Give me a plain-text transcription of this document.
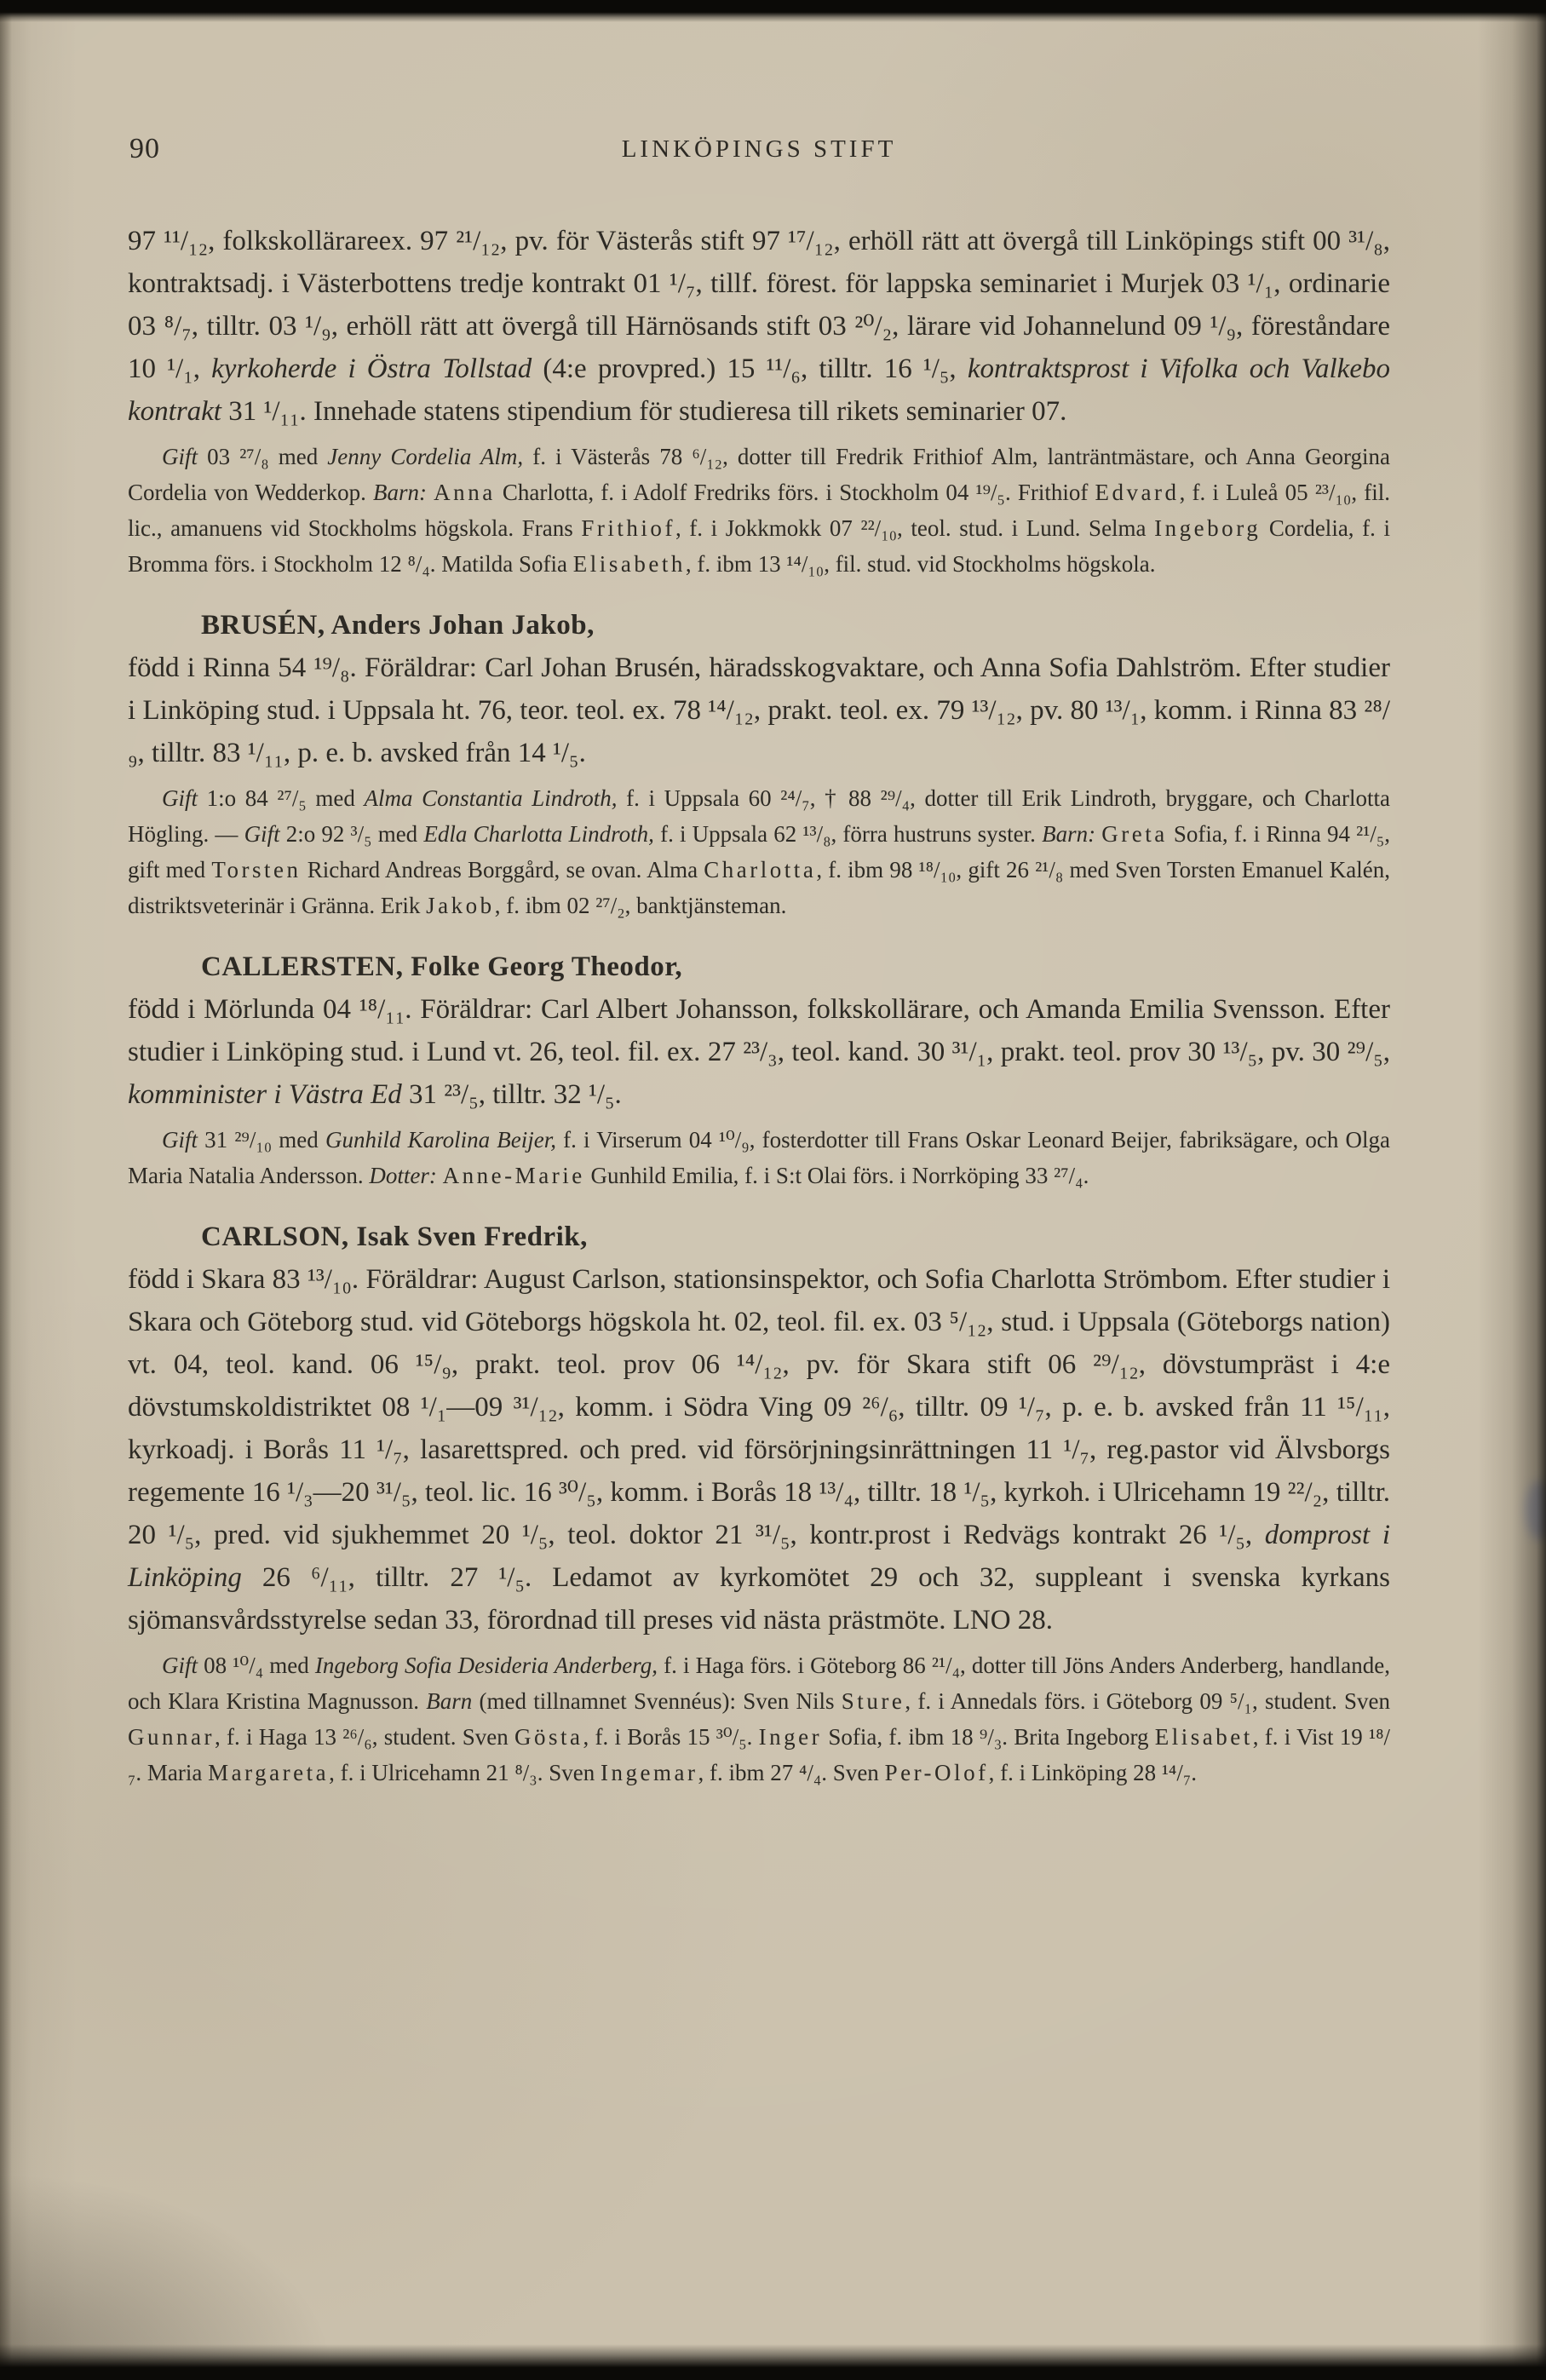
90	LINKÖPINGS STIFT
97 ¹¹/₁₂, folkskollärareex. 97 ²¹/₁₂, pv. för Västerås stift 97 ¹⁷/₁₂, erhöll rätt att övergå till Linköpings stift 00 ³¹/₈, kontraktsadj. i Västerbottens tredje kontrakt 01 ¹/₇, tillf. förest. för lappska seminariet i Murjek 03 ¹/₁, ordinarie 03 ⁸/₇, tilltr. 03 ¹/₉, erhöll rätt att övergå till Härnösands stift 03 ²⁰/₂, lärare vid Johannelund 09 ¹/₉, föreståndare 10 ¹/₁, kyrkoherde i Östra Tollstad (4:e provpred.) 15 ¹¹/₆, tilltr. 16 ¹/₅, kontraktsprost i Vifolka och Valkebo kontrakt 31 ¹/₁₁. Innehade statens stipendium för studieresa till rikets seminarier 07.
Gift 03 ²⁷/₈ med Jenny Cordelia Alm, f. i Västerås 78 ⁶/₁₂, dotter till Fredrik Frithiof Alm, lanträntmästare, och Anna Georgina Cordelia von Wedderkop. Barn: Anna Charlotta, f. i Adolf Fredriks förs. i Stockholm 04 ¹⁹/₅. Frithiof Edvard, f. i Luleå 05 ²³/₁₀, fil. lic., amanuens vid Stockholms högskola. Frans Frithiof, f. i Jokkmokk 07 ²²/₁₀, teol. stud. i Lund. Selma Ingeborg Cordelia, f. i Bromma förs. i Stockholm 12 ⁸/₄. Matilda Sofia Elisabeth, f. ibm 13 ¹⁴/₁₀, fil. stud. vid Stockholms högskola.
BRUSÉN, Anders Johan Jakob,
född i Rinna 54 ¹⁹/₈. Föräldrar: Carl Johan Brusén, häradsskogvaktare, och Anna Sofia Dahlström. Efter studier i Linköping stud. i Uppsala ht. 76, teor. teol. ex. 78 ¹⁴/₁₂, prakt. teol. ex. 79 ¹³/₁₂, pv. 80 ¹³/₁, komm. i Rinna 83 ²⁸/₉, tilltr. 83 ¹/₁₁, p. e. b. avsked från 14 ¹/₅.
Gift 1:o 84 ²⁷/₅ med Alma Constantia Lindroth, f. i Uppsala 60 ²⁴/₇, † 88 ²⁹/₄, dotter till Erik Lindroth, bryggare, och Charlotta Högling. — Gift 2:o 92 ³/₅ med Edla Charlotta Lindroth, f. i Uppsala 62 ¹³/₈, förra hustruns syster. Barn: Greta Sofia, f. i Rinna 94 ²¹/₅, gift med Torsten Richard Andreas Borggård, se ovan. Alma Charlotta, f. ibm 98 ¹⁸/₁₀, gift 26 ²¹/₈ med Sven Torsten Emanuel Kalén, distriktsveterinär i Gränna. Erik Jakob, f. ibm 02 ²⁷/₂, banktjänsteman.
CALLERSTEN, Folke Georg Theodor,
född i Mörlunda 04 ¹⁸/₁₁. Föräldrar: Carl Albert Johansson, folkskollärare, och Amanda Emilia Svensson. Efter studier i Linköping stud. i Lund vt. 26, teol. fil. ex. 27 ²³/₃, teol. kand. 30 ³¹/₁, prakt. teol. prov 30 ¹³/₅, pv. 30 ²⁹/₅, komminister i Västra Ed 31 ²³/₅, tilltr. 32 ¹/₅.
Gift 31 ²⁹/₁₀ med Gunhild Karolina Beijer, f. i Virserum 04 ¹⁰/₉, fosterdotter till Frans Oskar Leonard Beijer, fabriksägare, och Olga Maria Natalia Andersson. Dotter: Anne-Marie Gunhild Emilia, f. i S:t Olai förs. i Norrköping 33 ²⁷/₄.
CARLSON, Isak Sven Fredrik,
född i Skara 83 ¹³/₁₀. Föräldrar: August Carlson, stationsinspektor, och Sofia Charlotta Strömbom. Efter studier i Skara och Göteborg stud. vid Göteborgs högskola ht. 02, teol. fil. ex. 03 ⁵/₁₂, stud. i Uppsala (Göteborgs nation) vt. 04, teol. kand. 06 ¹⁵/₉, prakt. teol. prov 06 ¹⁴/₁₂, pv. för Skara stift 06 ²⁹/₁₂, dövstumpräst i 4:e dövstumskoldistriktet 08 ¹/₁—09 ³¹/₁₂, komm. i Södra Ving 09 ²⁶/₆, tilltr. 09 ¹/₇, p. e. b. avsked från 11 ¹⁵/₁₁, kyrkoadj. i Borås 11 ¹/₇, lasarettspred. och pred. vid försörjningsinrättningen 11 ¹/₇, reg.pastor vid Älvsborgs regemente 16 ¹/₃—20 ³¹/₅, teol. lic. 16 ³⁰/₅, komm. i Borås 18 ¹³/₄, tilltr. 18 ¹/₅, kyrkoh. i Ulricehamn 19 ²²/₂, tilltr. 20 ¹/₅, pred. vid sjukhemmet 20 ¹/₅, teol. doktor 21 ³¹/₅, kontr.prost i Redvägs kontrakt 26 ¹/₅, domprost i Linköping 26 ⁶/₁₁, tilltr. 27 ¹/₅. Ledamot av kyrkomötet 29 och 32, suppleant i svenska kyrkans sjömansvårdsstyrelse sedan 33, förordnad till preses vid nästa prästmöte. LNO 28.
Gift 08 ¹⁰/₄ med Ingeborg Sofia Desideria Anderberg, f. i Haga förs. i Göteborg 86 ²¹/₄, dotter till Jöns Anders Anderberg, handlande, och Klara Kristina Magnusson. Barn (med tillnamnet Svennéus): Sven Nils Sture, f. i Annedals förs. i Göteborg 09 ⁵/₁, student. Sven Gunnar, f. i Haga 13 ²⁶/₆, student. Sven Gösta, f. i Borås 15 ³⁰/₅. Inger Sofia, f. ibm 18 ⁹/₃. Brita Ingeborg Elisabet, f. i Vist 19 ¹⁸/₇. Maria Margareta, f. i Ulricehamn 21 ⁸/₃. Sven Ingemar, f. ibm 27 ⁴/₄. Sven Per-Olof, f. i Linköping 28 ¹⁴/₇.
